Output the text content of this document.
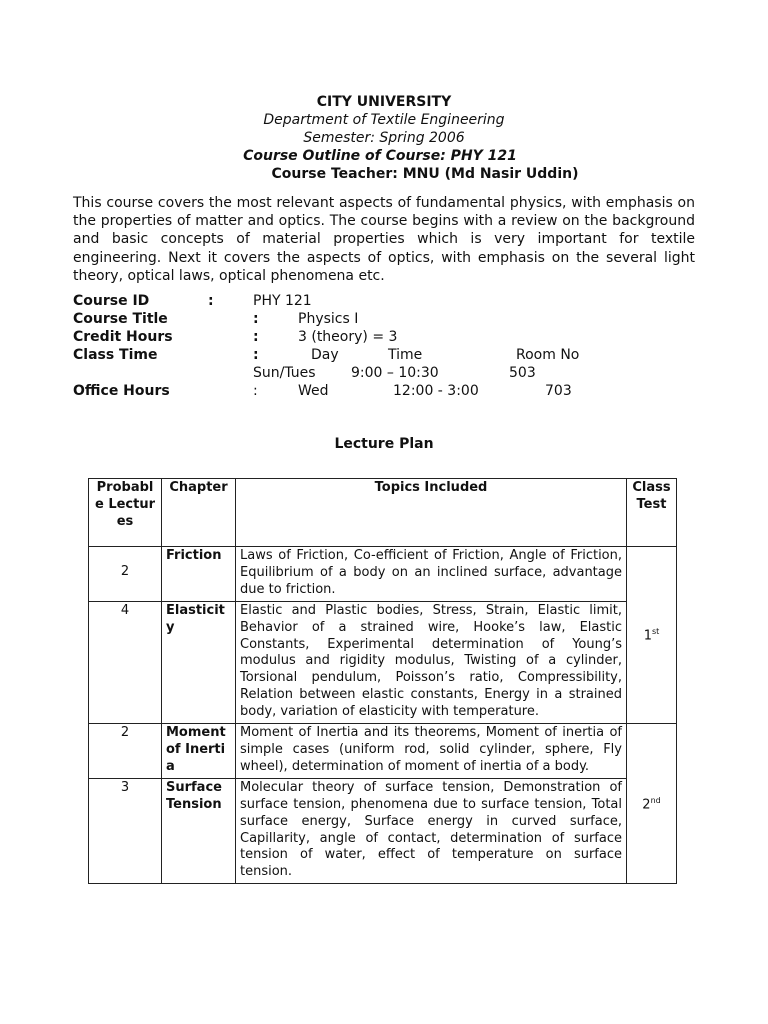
CITY UNIVERSITY
Department of Textile Engineering
Semester: Spring 2006
Course Outline of Course: PHY 121
Course Teacher: MNU (Md Nasir Uddin)

This course covers the most relevant aspects of fundamental physics, with emphasis on the properties of matter and optics. The course begins with a review on the background and basic concepts of material properties which is very important for textile engineering. Next it covers the aspects of optics, with emphasis on the several light theory, optical laws, optical phenomena etc.

Course ID	:	PHY 121
Course Title	:	Physics I
Credit Hours	:	3 (theory) = 3
Class Time	:	Day	Time	Room No
Sun/Tues	9:00 – 10:30	503
Office Hours	:	Wed	12:00 - 3:00	703
Lecture Plan
Probable Lectures	Chapter	Topics Included	Class Test
2	Friction	Laws of Friction, Co-efficient of Friction, Angle of Friction, Equilibrium of a body on an inclined surface, advantage due to friction.	1st
4	Elasticity	Elastic and Plastic bodies, Stress, Strain, Elastic limit, Behavior of a strained wire, Hooke’s law, Elastic Constants, Experimental determination of Young’s modulus and rigidity modulus, Twisting of a cylinder, Torsional pendulum, Poisson’s ratio, Compressibility, Relation between elastic constants, Energy in a strained body, variation of elasticity with temperature.	
2	Moment of Inertia	Moment of Inertia and its theorems, Moment of inertia of simple cases (uniform rod, solid cylinder, sphere, Fly wheel), determination of moment of inertia of a body.	2nd
3	Surface Tension	Molecular theory of surface tension, Demonstration of surface tension, phenomena due to surface tension, Total surface energy, Surface energy in curved surface, Capillarity, angle of contact, determination of surface tension of water, effect of temperature on surface tension.	
